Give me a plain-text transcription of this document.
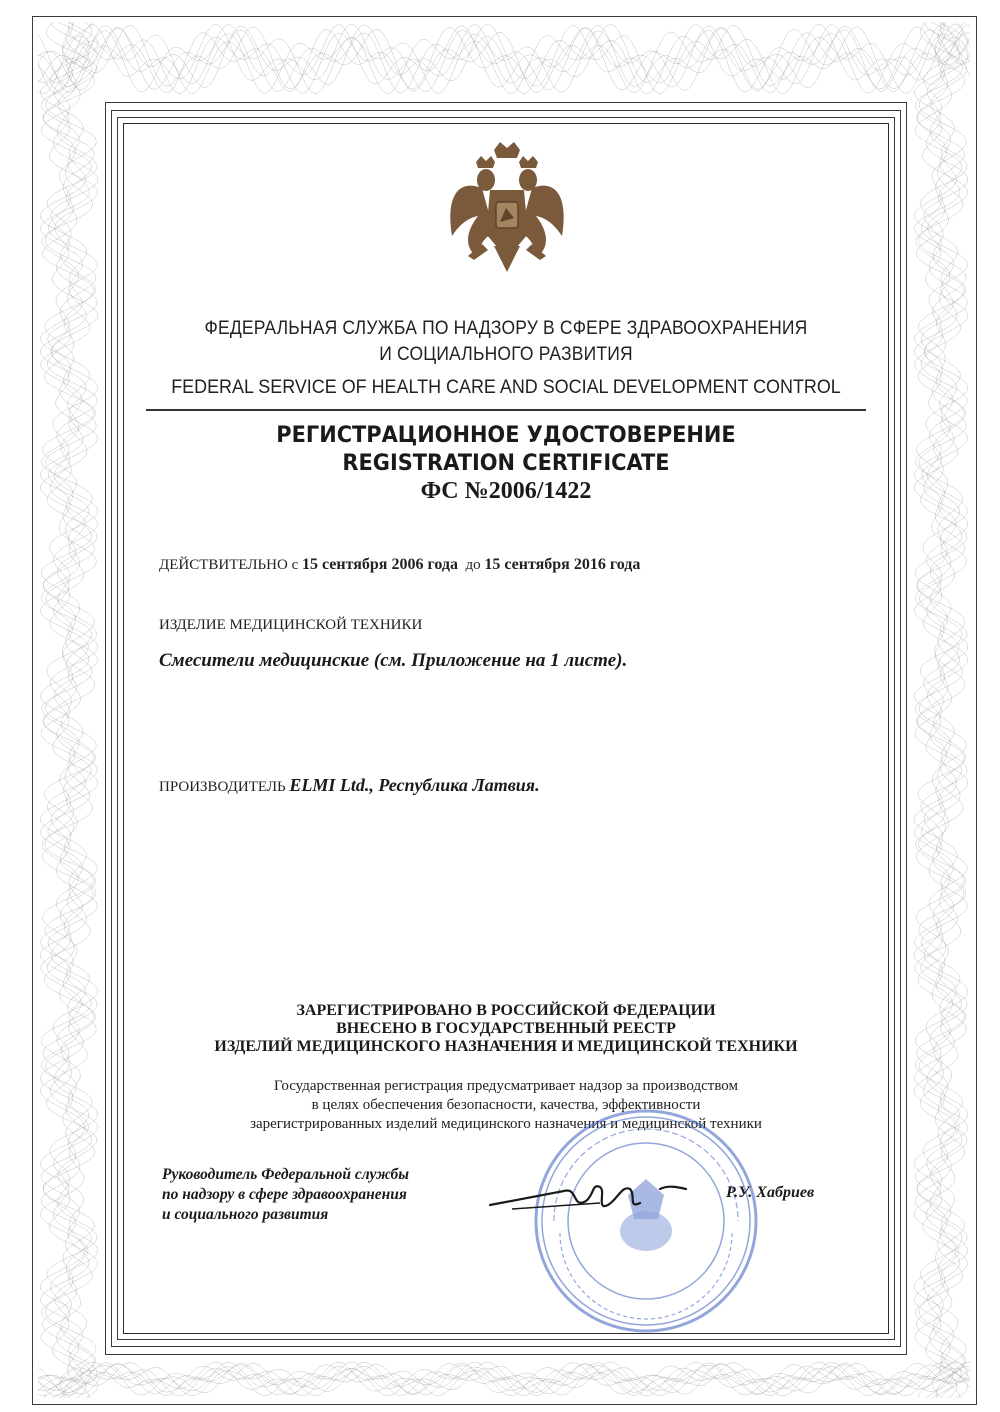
ФЕДЕРАЛЬНАЯ СЛУЖБА ПО НАДЗОРУ В СФЕРЕ ЗДРАВООХРАНЕНИЯ
И СОЦИАЛЬНОГО РАЗВИТИЯ
FEDERAL SERVICE OF HEALTH CARE AND SOCIAL DEVELOPMENT CONTROL
РЕГИСТРАЦИОННОЕ УДОСТОВЕРЕНИЕ
REGISTRATION CERTIFICATE
ФС №2006/1422
ДЕЙСТВИТЕЛЬНО с 15 сентября 2006 года до 15 сентября 2016 года
ИЗДЕЛИЕ МЕДИЦИНСКОЙ ТЕХНИКИ
Смесители медицинские (см. Приложение на 1 листе).
ПРОИЗВОДИТЕЛЬ ELMI Ltd., Республика Латвия.
ЗАРЕГИСТРИРОВАНО В РОССИЙСКОЙ ФЕДЕРАЦИИ
ВНЕСЕНО В ГОСУДАРСТВЕННЫЙ РЕЕСТР
ИЗДЕЛИЙ МЕДИЦИНСКОГО НАЗНАЧЕНИЯ И МЕДИЦИНСКОЙ ТЕХНИКИ
Государственная регистрация предусматривает надзор за производством
в целях обеспечения безопасности, качества, эффективности
зарегистрированных изделий медицинского назначения и медицинской техники
Руководитель Федеральной службы
по надзору в сфере здравоохранения
и социального развития
Р.У. Хабриев
